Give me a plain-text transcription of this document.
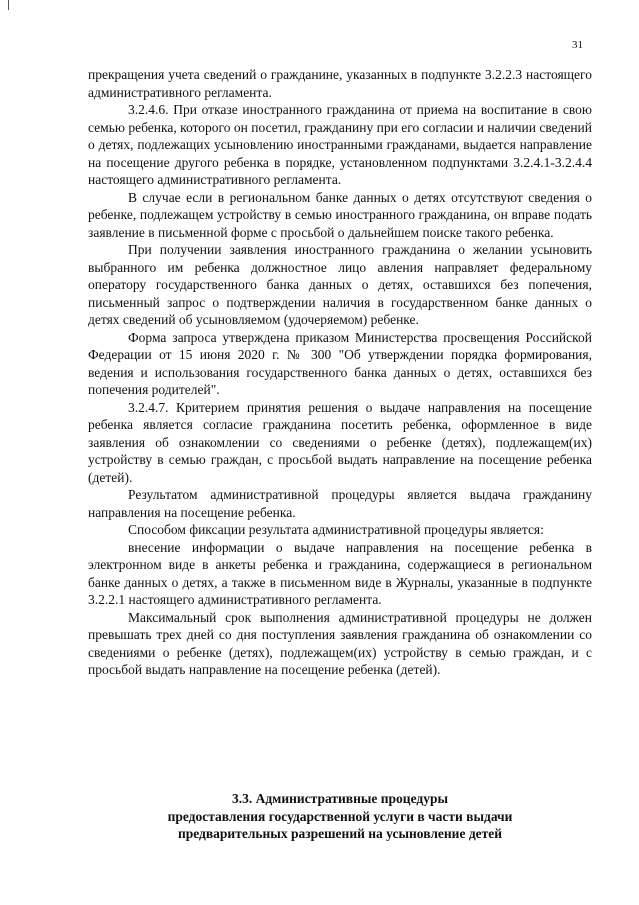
31

прекращения учета сведений о гражданине, указанных в подпункте 3.2.2.3 настоящего административного регламента.

3.2.4.6. При отказе иностранного гражданина от приема на воспитание в свою семью ребенка, которого он посетил, гражданину при его согласии и наличии сведений о детях, подлежащих усыновлению иностранными гражданами, выдается направление на посещение другого ребенка в порядке, установленном подпунктами 3.2.4.1-3.2.4.4 настоящего административного регламента.

В случае если в региональном банке данных о детях отсутствуют сведения о ребенке, подлежащем устройству в семью иностранного гражданина, он вправе подать заявление в письменной форме с просьбой о дальнейшем поиске такого ребенка.

При получении заявления иностранного гражданина о желании усыновить выбранного им ребенка должностное лицо авления направляет федеральному оператору государственного банка данных о детях, оставшихся без попечения, письменный запрос о подтверждении наличия в государственном банке данных о детях сведений об усыновляемом (удочеряемом) ребенке.

Форма запроса утверждена приказом Министерства просвещения Российской Федерации от 15 июня 2020 г. № 300 "Об утверждении порядка формирования, ведения и использования государственного банка данных о детях, оставшихся без попечения родителей".

3.2.4.7. Критерием принятия решения о выдаче направления на посещение ребенка является согласие гражданина посетить ребенка, оформленное в виде заявления об ознакомлении со сведениями о ребенке (детях), подлежащем(их) устройству в семью граждан, с просьбой выдать направление на посещение ребенка (детей).

Результатом административной процедуры является выдача гражданину направления на посещение ребенка.

Способом фиксации результата административной процедуры является:

внесение информации о выдаче направления на посещение ребенка в электронном виде в анкеты ребенка и гражданина, содержащиеся в региональном банке данных о детях, а также в письменном виде в Журналы, указанные в подпункте 3.2.2.1 настоящего административного регламента.

Максимальный срок выполнения административной процедуры не должен превышать трех дней со дня поступления заявления гражданина об ознакомлении со сведениями о ребенке (детях), подлежащем(их) устройству в семью граждан, и с просьбой выдать направление на посещение ребенка (детей).

3.3. Административные процедуры
предоставления государственной услуги в части выдачи
предварительных разрешений на усыновление детей
